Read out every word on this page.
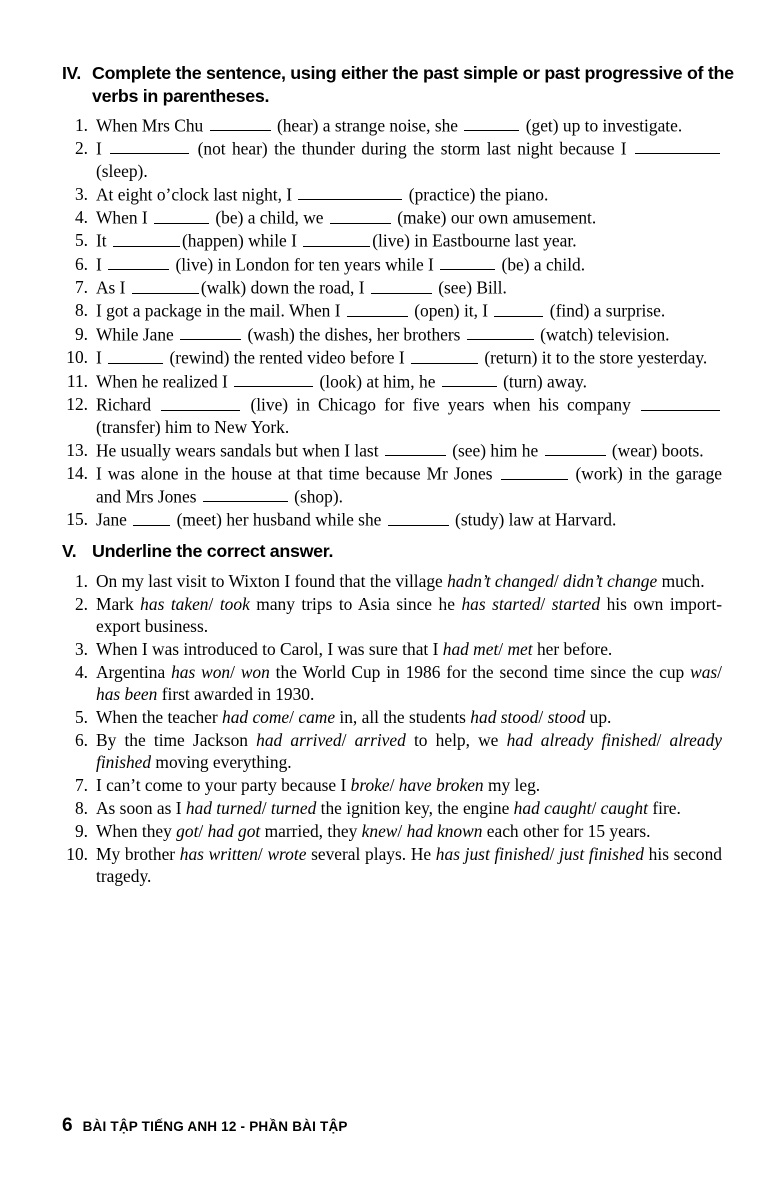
IV. Complete the sentence, using either the past simple or past progressive of the verbs in parentheses.
1. When Mrs Chu	(hear) a strange noise, she	(get) up to investigate.
2. I	(not hear) the thunder during the storm last night because I  (sleep).
3. At eight o’clock last night, I	(practice) the piano.
4. When I	(be) a child, we	(make) our own amusement.
5. It	(happen) while I	(live) in Eastbourne last year.
6. I	(live) in London for ten years while I	(be) a child.
7. As I	(walk) down the road, I	(see) Bill.
8. I got a package in the mail. When I	(open) it, I	(find) a surprise.
9. While Jane	(wash) the dishes, her brothers	(watch) television.
10. I	(rewind) the rented video before I	(return) it to the store yesterday.
11. When he realized I	(look) at him, he	(turn) away.
12. Richard	(live) in Chicago for five years when his company  (transfer) him to New York.
13. He usually wears sandals but when I last	(see) him he	(wear) boots.
14. I was alone in the house at that time because Mr Jones	(work) in the garage and Mrs Jones	(shop).
15. Jane  (meet) her husband while she	(study) law at Harvard.
V. Underline the correct answer.
1. On my last visit to Wixton I found that the village hadn’t changed/ didn’t change much.
2. Mark has taken/ took many trips to Asia since he has started/ started his own import-export business.
3. When I was introduced to Carol, I was sure that I had met/ met her before.
4. Argentina has won/ won the World Cup in 1986 for the second time since the cup was/ has been first awarded in 1930.
5. When the teacher had come/ came in, all the students had stood/ stood up.
6. By the time Jackson had arrived/ arrived to help, we had already finished/ already finished moving everything.
7. I can’t come to your party because I broke/ have broken my leg.
8. As soon as I had turned/ turned the ignition key, the engine had caught/ caught fire.
9. When they got/ had got married, they knew/ had known each other for 15 years.
10. My brother has written/ wrote several plays. He has just finished/ just finished his second tragedy.
6 BÀI TẬP TIẾNG ANH 12 - PHẦN BÀI TẬP
